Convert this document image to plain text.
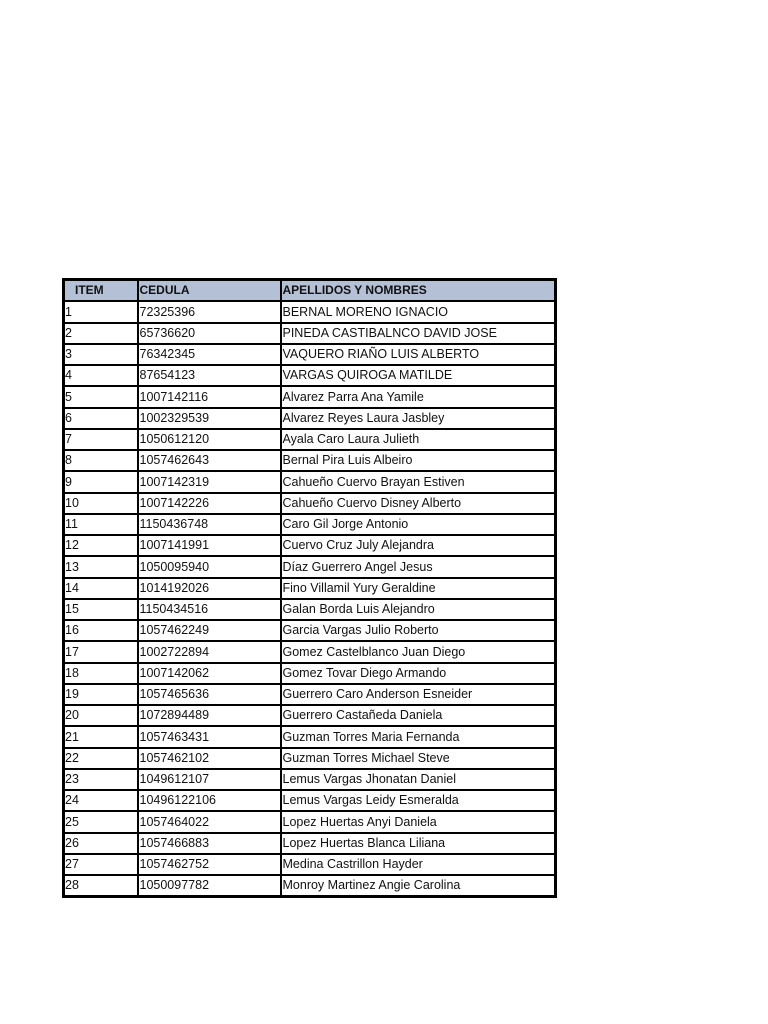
ITEM	CEDULA	APELLIDOS Y NOMBRES
1	72325396	BERNAL MORENO IGNACIO
2	65736620	PINEDA CASTIBALNCO DAVID JOSE
3	76342345	VAQUERO RIAÑO LUIS ALBERTO
4	87654123	VARGAS QUIROGA MATILDE
5	1007142116	Alvarez Parra Ana Yamile
6	1002329539	Alvarez Reyes Laura Jasbley
7	1050612120	Ayala Caro Laura Julieth
8	1057462643	Bernal Pira Luis Albeiro
9	1007142319	Cahueño Cuervo Brayan Estiven
10	1007142226	Cahueño Cuervo Disney Alberto
11	1150436748	Caro Gil Jorge Antonio
12	1007141991	Cuervo Cruz July Alejandra
13	1050095940	Díaz Guerrero Angel Jesus
14	1014192026	Fino Villamil Yury Geraldine
15	1150434516	Galan Borda Luis Alejandro
16	1057462249	Garcia Vargas Julio Roberto
17	1002722894	Gomez Castelblanco Juan Diego
18	1007142062	Gomez Tovar Diego Armando
19	1057465636	Guerrero Caro Anderson Esneider
20	1072894489	Guerrero Castañeda Daniela
21	1057463431	Guzman Torres Maria Fernanda
22	1057462102	Guzman Torres Michael Steve
23	1049612107	Lemus Vargas Jhonatan Daniel
24	10496122106	Lemus Vargas Leidy Esmeralda
25	1057464022	Lopez Huertas Anyi Daniela
26	1057466883	Lopez Huertas Blanca Liliana
27	1057462752	Medina Castrillon Hayder
28	1050097782	Monroy Martinez Angie Carolina
